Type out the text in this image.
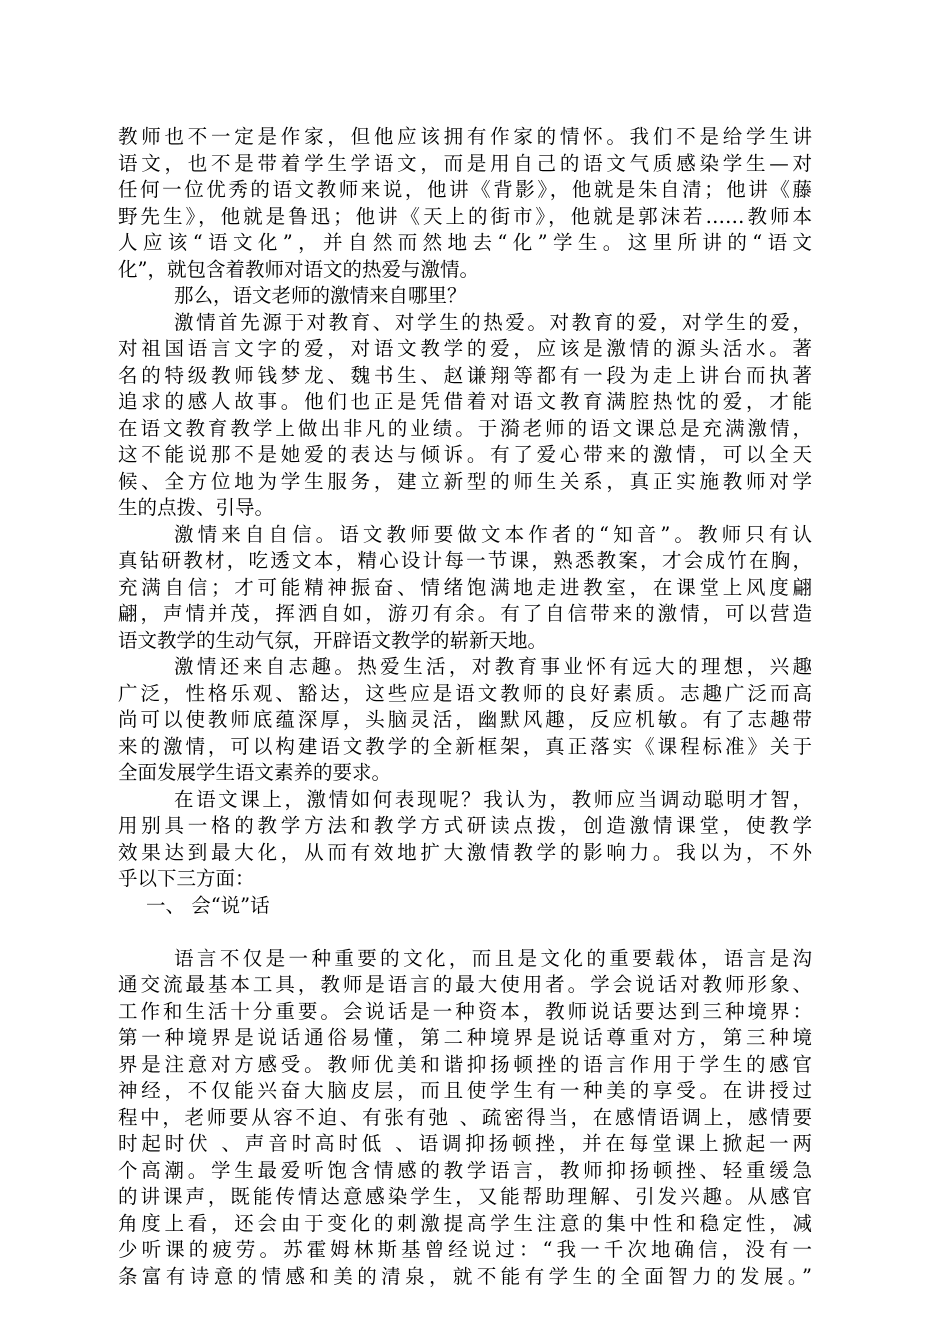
教师也不一定是作家，但他应该拥有作家的情怀。我们不是给学生讲
语文，也不是带着学生学语文，而是用自己的语文气质感染学生—对
任何一位优秀的语文教师来说，他讲《背影》，他就是朱自清；他讲《藤
野先生》，他就是鲁迅；他讲《天上的街市》，他就是郭沫若……教师本
人应该“语文化”，并自然而然地去“化”学生。这里所讲的“语文
化”，就包含着教师对语文的热爱与激情。
那么，语文老师的激情来自哪里？
激情首先源于对教育、对学生的热爱。对教育的爱，对学生的爱，
对祖国语言文字的爱，对语文教学的爱，应该是激情的源头活水。著
名的特级教师钱梦龙、魏书生、赵谦翔等都有一段为走上讲台而执著
追求的感人故事。他们也正是凭借着对语文教育满腔热忱的爱，才能
在语文教育教学上做出非凡的业绩。于漪老师的语文课总是充满激情，
这不能说那不是她爱的表达与倾诉。有了爱心带来的激情，可以全天
候、全方位地为学生服务，建立新型的师生关系，真正实施教师对学
生的点拨、引导。
激情来自自信。语文教师要做文本作者的“知音”。教师只有认
真钻研教材，吃透文本，精心设计每一节课，熟悉教案，才会成竹在胸，
充满自信；才可能精神振奋、情绪饱满地走进教室，在课堂上风度翩
翩，声情并茂，挥洒自如，游刃有余。有了自信带来的激情，可以营造
语文教学的生动气氛，开辟语文教学的崭新天地。
激情还来自志趣。热爱生活，对教育事业怀有远大的理想，兴趣
广泛，性格乐观、豁达，这些应是语文教师的良好素质。志趣广泛而高
尚可以使教师底蕴深厚，头脑灵活，幽默风趣，反应机敏。有了志趣带
来的激情，可以构建语文教学的全新框架，真正落实《课程标准》关于
全面发展学生语文素养的要求。
在语文课上，激情如何表现呢？我认为，教师应当调动聪明才智，
用别具一格的教学方法和教学方式研读点拨，创造激情课堂，使教学
效果达到最大化，从而有效地扩大激情教学的影响力。我以为，不外
乎以下三方面：
一、 会“说”话
语言不仅是一种重要的文化，而且是文化的重要载体，语言是沟
通交流最基本工具，教师是语言的最大使用者。学会说话对教师形象、
工作和生活十分重要。会说话是一种资本，教师说话要达到三种境界：
第一种境界是说话通俗易懂，第二种境界是说话尊重对方，第三种境
界是注意对方感受。教师优美和谐抑扬顿挫的语言作用于学生的感官
神经，不仅能兴奋大脑皮层，而且使学生有一种美的享受。在讲授过
程中，老师要从容不迫、有张有弛 、疏密得当，在感情语调上，感情要
时起时伏 、声音时高时低 、语调抑扬顿挫，并在每堂课上掀起一两
个高潮。学生最爱听饱含情感的教学语言，教师抑扬顿挫、轻重缓急
的讲课声，既能传情达意感染学生，又能帮助理解、引发兴趣。从感官
角度上看，还会由于变化的刺激提高学生注意的集中性和稳定性，减
少听课的疲劳。苏霍姆林斯基曾经说过：“我一千次地确信，没有一
条富有诗意的情感和美的清泉，就不能有学生的全面智力的发展。”
